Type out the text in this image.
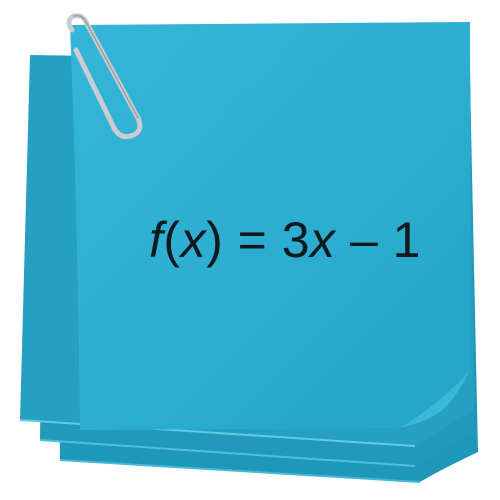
f ( x ) = 3 x – 1
